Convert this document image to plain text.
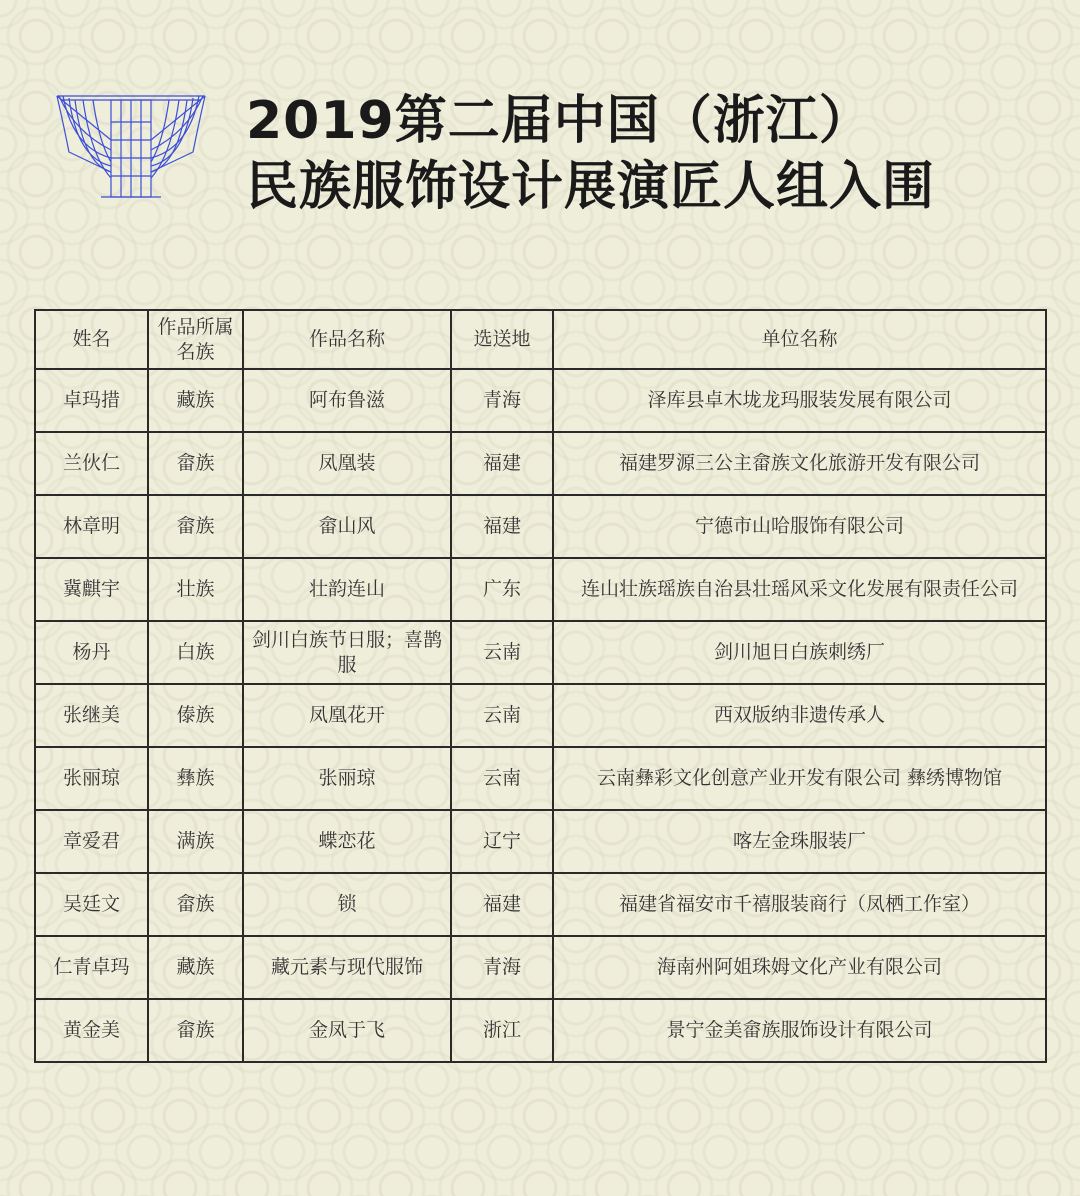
2019第二届中国（浙江）
民族服饰设计展演匠人组入围
姓名	作品所属名族	作品名称	选送地	单位名称
卓玛措	藏族	阿布鲁滋	青海	泽库县卓木垅龙玛服装发展有限公司
兰伙仁	畲族	凤凰装	福建	福建罗源三公主畲族文化旅游开发有限公司
林章明	畲族	畲山风	福建	宁德市山哈服饰有限公司
冀麒宇	壮族	壮韵连山	广东	连山壮族瑶族自治县壮瑶风采文化发展有限责任公司
杨丹	白族	剑川白族节日服；喜鹊服	云南	剑川旭日白族刺绣厂
张继美	傣族	凤凰花开	云南	西双版纳非遗传承人
张丽琼	彝族	张丽琼	云南	云南彝彩文化创意产业开发有限公司 彝绣博物馆
章爱君	满族	蝶恋花	辽宁	喀左金珠服装厂
吴廷文	畲族	锁	福建	福建省福安市千禧服装商行（凤栖工作室）
仁青卓玛	藏族	藏元素与现代服饰	青海	海南州阿姐珠姆文化产业有限公司
黄金美	畲族	金凤于飞	浙江	景宁金美畲族服饰设计有限公司
